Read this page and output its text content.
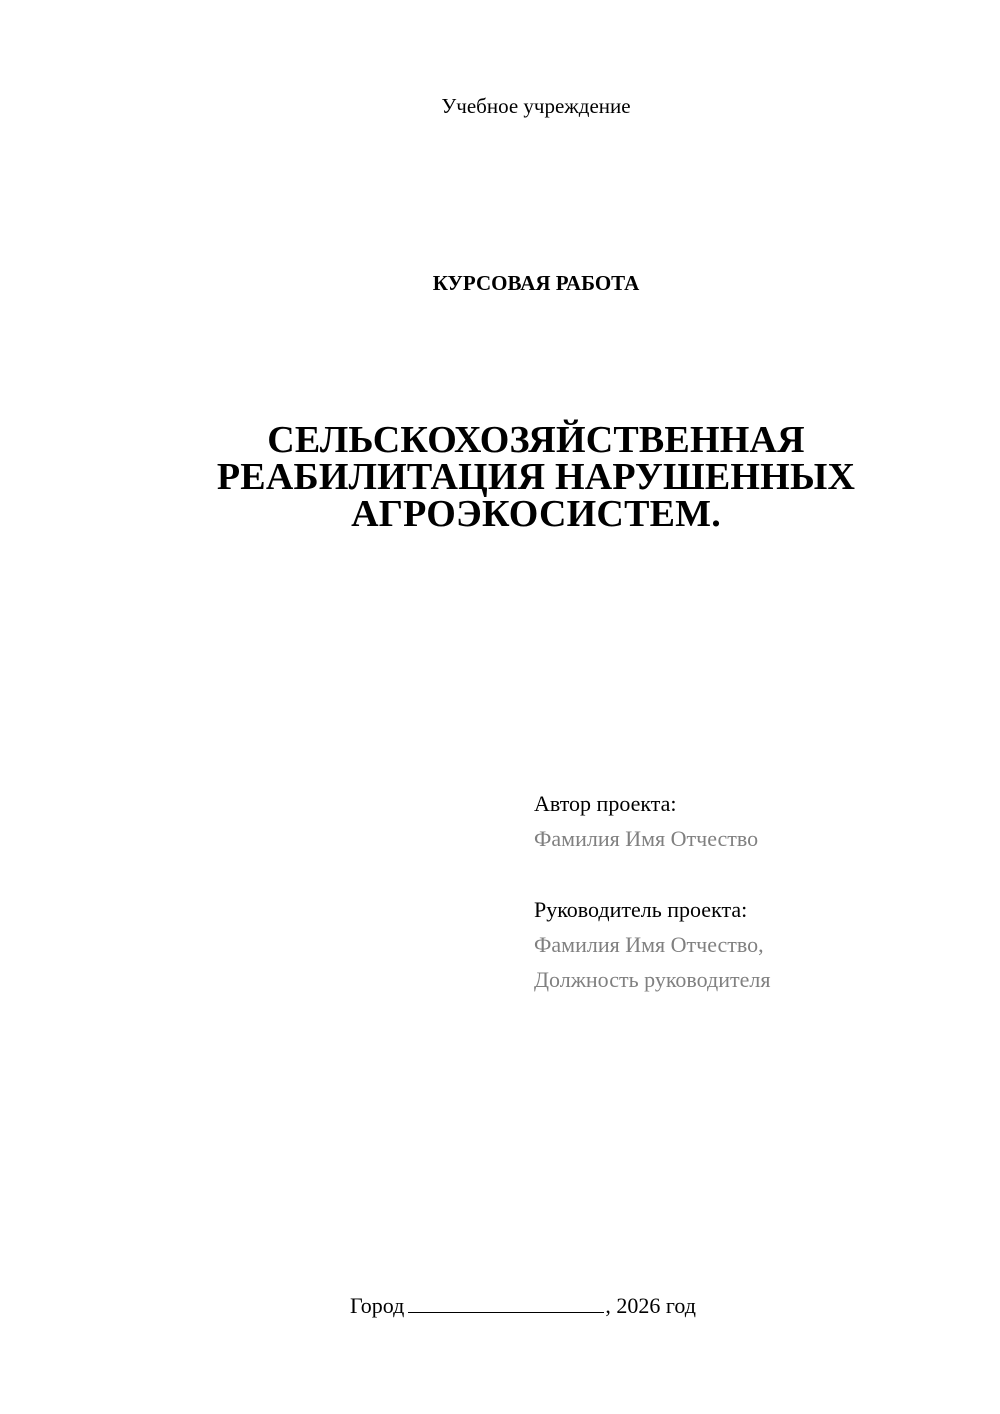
Учебное учреждение
КУРСОВАЯ РАБОТА
СЕЛЬСКОХОЗЯЙСТВЕННАЯ
РЕАБИЛИТАЦИЯ НАРУШЕННЫХ
АГРОЭКОСИСТЕМ.
Автор проекта:
Фамилия Имя Отчество
Руководитель проекта:
Фамилия Имя Отчество,
Должность руководителя
Город	, 2026 год
